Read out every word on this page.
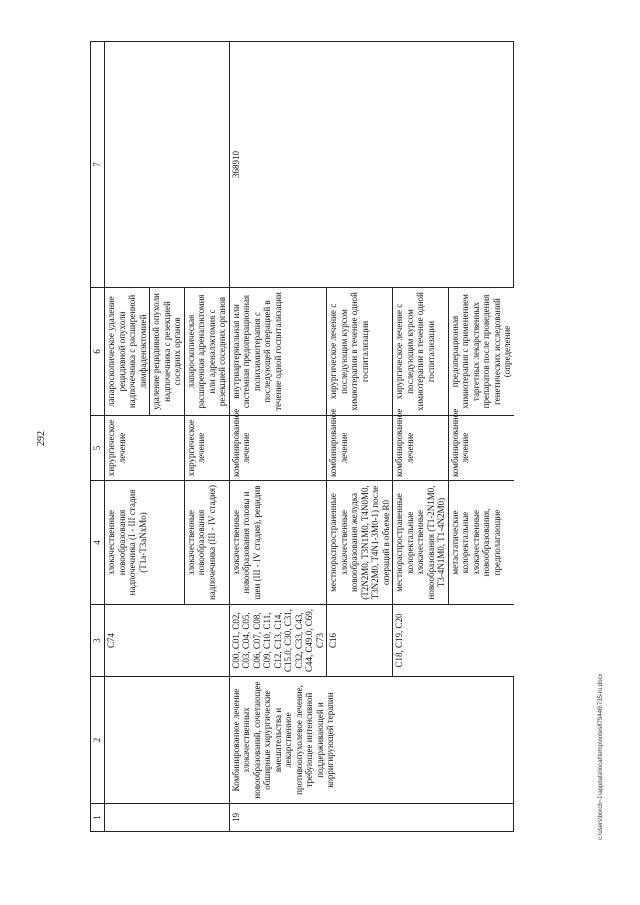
292
1	2	3	4	5	6	7
		C74	злокачественные новообразования надпочечника (I - III стадия (T1a-T3aNxMo)	хирургическое лечение	лапароскопическое удаление рецидивной опухоли надпочечника с расширенной лимфаденэктомией	
					удаление рецидивной опухоли надпочечника с резекцией соседних органов	
			злокачественные новообразования надпочечника (III - IV стадия)	хирургическое лечение	лапароскопическая расширенная адреналэктомия или адреналэктомия с резекцией соседних органов	
19	Комбинированное лечение злокачественных новообразований, сочетающее обширные хирургические вмешательства и лекарственное противоопухолевое лечение, требующее интенсивной поддерживающей и корригирующей терапии	C00, C01, C02, C03, C04, C05, C06, C07, C08, C09, C10, C11, C12, C13, C14, C15.0, C30, C31, C32, C33, C43, C44, C49.0, C69, C73	злокачественные новообразования головы и шеи (III - IV стадия), рецидив	комбинированное лечение	внутриартериальная или системная предоперационная полихимиотерапия с последующей операцией в течение одной госпитализации	368910
		C16	местнораспространенные злокачественные новообразования желудка (T2N2M0, T3N1M0, T4N0M0, T3N2M0, T4N1-3M0-1) после операций в объеме R0	комбинированное лечение	хирургическое лечение с последующим курсом химиотерапии в течение одной госпитализации	
		C18, C19, C20	местнораспространенные колоректальные злокачественные новообразования (T1-2N1M0, T3-4N1M0, T1-4N2M0)	комбинированное лечение	хирургическое лечение с последующим курсом химиотерапии в течение одной госпитализации	
			метастатические колоректальные злокачественные новообразования, предполагающие	комбинированное лечение	предоперационная химиотерапия с применением таргетных лекарственных препаратов после проведения генетических исследований (определение	
c:\users\borch~1\appdata\local\temp\notes879446\735-ru.docx
